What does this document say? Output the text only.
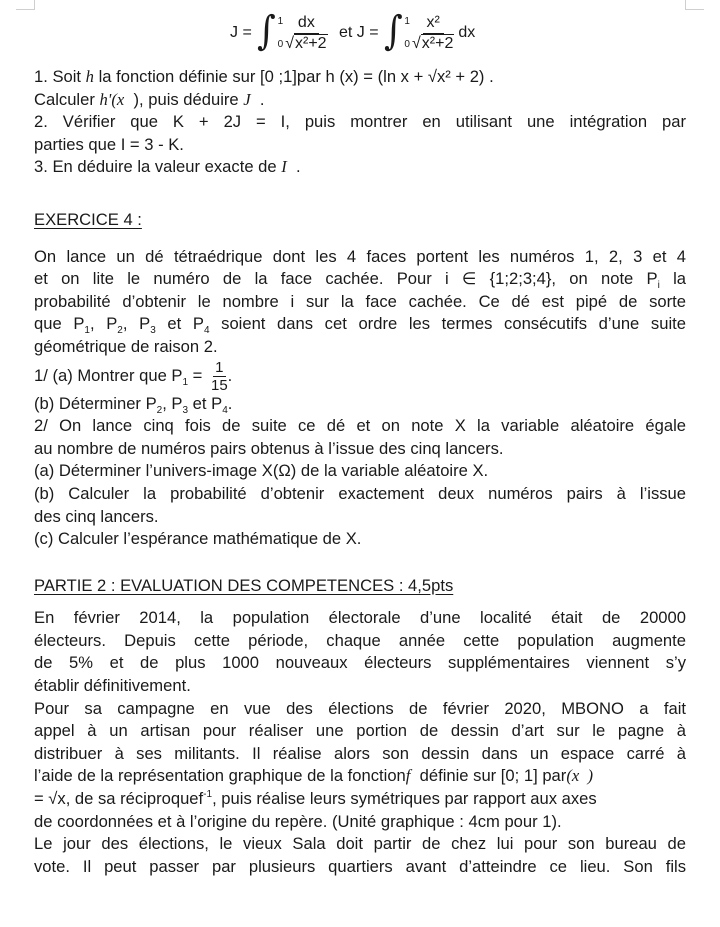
J = ∫ 1
$0 \frac{dx}{\text{√x²+2}}$ et J = ∫ 1
$0 \frac{\text{x²}}{\text{√x²+2}}$ dx
1. Soit h la fonction définie sur [0 ;1]par h (x) = (ln x + √x² + 2) .
Calculer h'(x ), puis déduire J .
2. Vérifier que K + 2J = I, puis montrer en utilisant une intégration par
parties que I = 3 - K.
3. En déduire la valeur exacte de I .
EXERCICE 4 :
On lance un dé tétraédrique dont les 4 faces portent les numéros 1, 2, 3 et 4
et on lite le numéro de la face cachée. Pour i ∈ {1;2;3;4}, on note $P_i$ la
probabilité d’obtenir le nombre i sur la face cachée. Ce dé est pipé de sorte
que $P_1$, $P_2$, $P_3$ et $P_4$ soient dans cet ordre les termes consécutifs d’une suite
géométrique de raison 2.
1/ (a) Montrer que $P_1 = \frac{1}{15}$ .
(b) Déterminer $P_2$, $P_3$ et $P_4$.
2/ On lance cinq fois de suite ce dé et on note X la variable aléatoire égale
au nombre de numéros pairs obtenus à l’issue des cinq lancers.
(a) Déterminer l’univers-image X(Ω) de la variable aléatoire X.
(b) Calculer la probabilité d’obtenir exactement deux numéros pairs à l’issue
des cinq lancers.
(c) Calculer l’espérance mathématique de X.
PARTIE 2 : EVALUATION DES COMPETENCES : 4,5pts
En février 2014, la population électorale d’une localité était de 20000
électeurs. Depuis cette période, chaque année cette population augmente
de 5% et de plus 1000 nouveaux électeurs supplémentaires viennent s’y
établir définitivement.
Pour sa campagne en vue des élections de février 2020, MBONO a fait
appel à un artisan pour réaliser une portion de dessin d’art sur le pagne à
distribuer à ses militants. Il réalise alors son dessin dans un espace carré à
l’aide de la représentation graphique de la fonctionf définie sur [0; 1] par(x  )
= √x, de sa réciproquef$^{-1}$, puis réalise leurs symétriques par rapport aux axes
de coordonnées et à l’origine du repère. (Unité graphique : 4cm pour 1).
Le jour des élections, le vieux Sala doit partir de chez lui pour son bureau de
vote. Il peut passer par plusieurs quartiers avant d’atteindre ce lieu. Son fils
